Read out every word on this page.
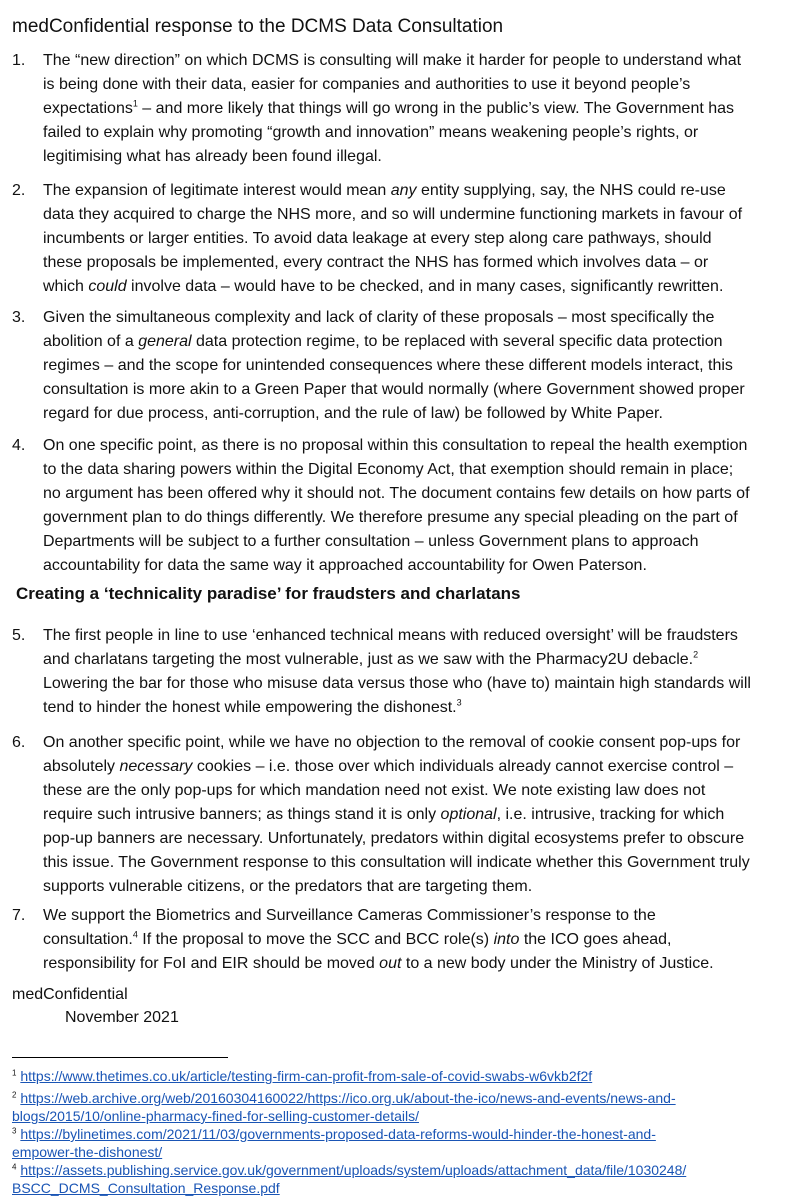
medConfidential response to the DCMS Data Consultation
1. The “new direction” on which DCMS is consulting will make it harder for people to understand what
is being done with their data, easier for companies and authorities to use it beyond people’s
expectations$^1$ – and more likely that things will go wrong in the public’s view. The Government has
failed to explain why promoting “growth and innovation” means weakening people’s rights, or
legitimising what has already been found illegal.
2. The expansion of legitimate interest would mean any entity supplying, say, the NHS could re-use
data they acquired to charge the NHS more, and so will undermine functioning markets in favour of
incumbents or larger entities. To avoid data leakage at every step along care pathways, should
these proposals be implemented, every contract the NHS has formed which involves data – or
which could involve data – would have to be checked, and in many cases, significantly rewritten.
3. Given the simultaneous complexity and lack of clarity of these proposals – most specifically the
abolition of a general data protection regime, to be replaced with several specific data protection
regimes – and the scope for unintended consequences where these different models interact, this
consultation is more akin to a Green Paper that would normally (where Government showed proper
regard for due process, anti-corruption, and the rule of law) be followed by White Paper.
4. On one specific point, as there is no proposal within this consultation to repeal the health exemption
to the data sharing powers within the Digital Economy Act, that exemption should remain in place;
no argument has been offered why it should not. The document contains few details on how parts of
government plan to do things differently. We therefore presume any special pleading on the part of
Departments will be subject to a further consultation – unless Government plans to approach
accountability for data the same way it approached accountability for Owen Paterson.
Creating a ‘technicality paradise’ for fraudsters and charlatans
5. The first people in line to use ‘enhanced technical means with reduced oversight’ will be fraudsters
and charlatans targeting the most vulnerable, just as we saw with the Pharmacy2U debacle.$^2$
Lowering the bar for those who misuse data versus those who (have to) maintain high standards will
tend to hinder the honest while empowering the dishonest.$^3$
6. On another specific point, while we have no objection to the removal of cookie consent pop-ups for
absolutely necessary cookies – i.e. those over which individuals already cannot exercise control –
these are the only pop-ups for which mandation need not exist. We note existing law does not
require such intrusive banners; as things stand it is only optional, i.e. intrusive, tracking for which
pop-up banners are necessary. Unfortunately, predators within digital ecosystems prefer to obscure
this issue. The Government response to this consultation will indicate whether this Government truly
supports vulnerable citizens, or the predators that are targeting them.
7. We support the Biometrics and Surveillance Cameras Commissioner’s response to the
consultation.$^4$ If the proposal to move the SCC and BCC role(s) into the ICO goes ahead,
responsibility for FoI and EIR should be moved out to a new body under the Ministry of Justice.
medConfidential
November 2021
$^1$ https://www.thetimes.co.uk/article/testing-firm-can-profit-from-sale-of-covid-swabs-w6vkb2f2f
$^2$ https://web.archive.org/web/20160304160022/https://ico.org.uk/about-the-ico/news-and-events/news-and-
blogs/2015/10/online-pharmacy-fined-for-selling-customer-details/
$^3$ https://bylinetimes.com/2021/11/03/governments-proposed-data-reforms-would-hinder-the-honest-and-
empower-the-dishonest/
$^4$ https://assets.publishing.service.gov.uk/government/uploads/system/uploads/attachment_data/file/1030248/
BSCC_DCMS_Consultation_Response.pdf
